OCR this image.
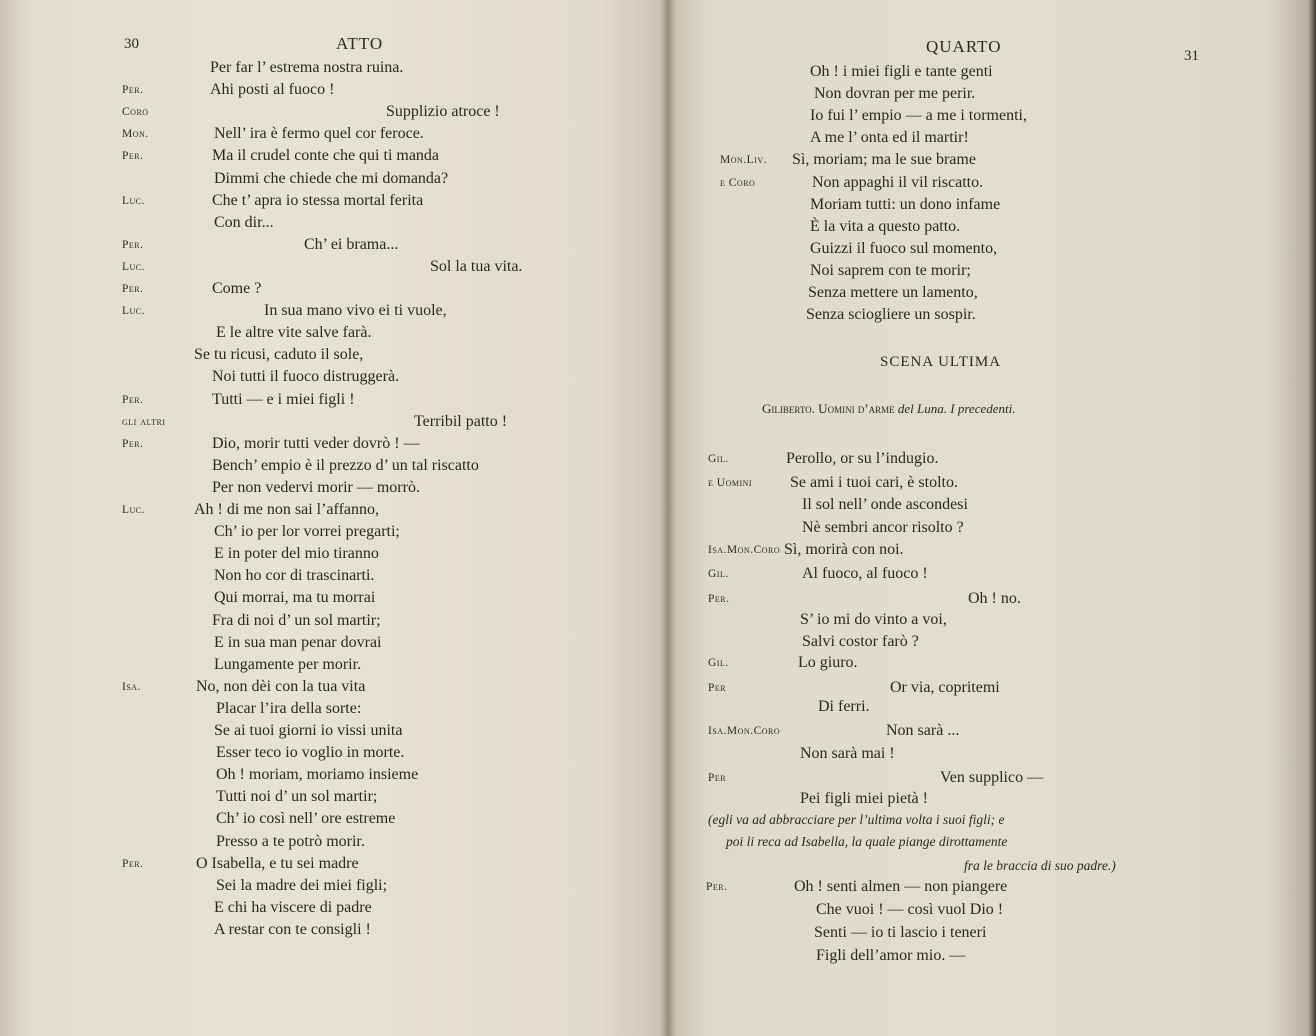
30	ATTO
Per far l’ estrema nostra ruina.
Per.	Ahi posti al fuoco !
Coro	Supplizio atroce !
Mon.	Nell’ ira è fermo quel cor feroce.
Per.	Ma il crudel conte che qui ti manda
Dimmi che chiede che mi domanda?
Luc.	Che t’ apra io stessa mortal ferita
Con dir...
Per.	Ch’ ei brama...
Luc.	Sol la tua vita.
Per.	Come ?
Luc.	In sua mano vivo ei ti vuole,
E le altre vite salve farà.
Se tu ricusi, caduto il sole,
Noi tutti il fuoco distruggerà.
Per.	Tutti — e i miei figli !
gli altri	Terribil patto !
Per.	Dio, morir tutti veder dovrò ! —
Bench’ empio è il prezzo d’ un tal riscatto
Per non vedervi morir — morrò.
Luc.	Ah ! di me non sai l’affanno,
Ch’ io per lor vorrei pregarti;
E in poter del mio tiranno
Non ho cor di trascinarti.
Qui morrai, ma tu morrai
Fra di noi d’ un sol martir;
E in sua man penar dovrai
Lungamente per morir.
Isa.	No, non dèi con la tua vita
Placar l’ira della sorte:
Se ai tuoi giorni io vissi unita
Esser teco io voglio in morte.
Oh ! moriam, moriamo insieme
Tutti noi d’ un sol martir;
Ch’ io così nell’ ore estreme
Presso a te potrò morir.
Per.	O Isabella, e tu sei madre
Sei la madre dei miei figli;
E chi ha viscere di padre
A restar con te consigli !
QUARTO	31
Oh ! i miei figli e tante genti
Non dovran per me perir.
Io fui l’ empio — a me i tormenti,
A me l’ onta ed il martir!
Mon.Liv. Sì, moriam; ma le sue brame
e Coro	Non appaghi il vil riscatto.
Moriam tutti: un dono infame
È la vita a questo patto.
Guizzi il fuoco sul momento,
Noi saprem con te morir;
Senza mettere un lamento,
Senza sciogliere un sospir.
SCENA ULTIMA
Giliberto. Uomini d’arme del Luna. I precedenti.
Gil.	Perollo, or su l’indugio.
e Uomini Se ami i tuoi cari, è stolto.
Il sol nell’ onde ascondesi
Nè sembri ancor risolto ?
Isa.Mon.Coro Sì, morirà con noi.
Gil.	Al fuoco, al fuoco !
Per.	Oh ! no.
S’ io mi do vinto a voi,
Salvi costor farò ?
Gil.	Lo giuro.
Per	Or via, copritemi
Di ferri.
Isa.Mon.Coro	Non sarà ...
Non sarà mai !
Per	Ven supplico —
Pei figli miei pietà !
(egli va ad abbracciare per l’ultima volta i suoi figli; e
poi li reca ad Isabella, la quale piange dirottamente
fra le braccia di suo padre.)
Per.	Oh ! senti almen — non piangere
Che vuoi ! — così vuol Dio !
Senti — io ti lascio i teneri
Figli dell’amor mio. —
